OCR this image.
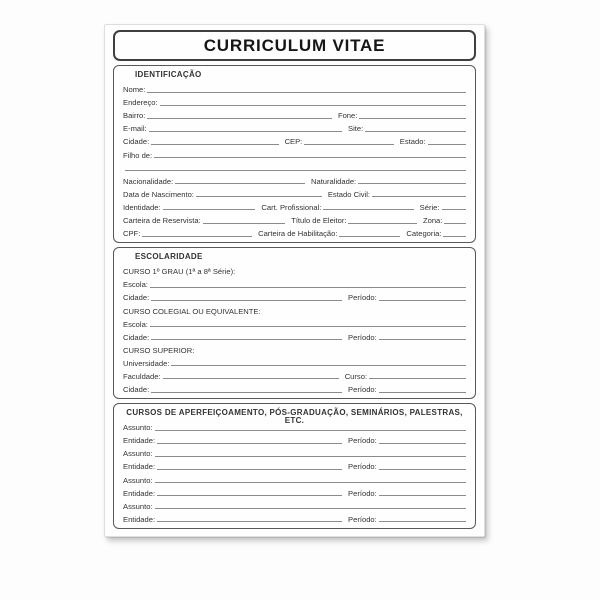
CURRICULUM VITAE
IDENTIFICAÇÃO
Nome:
Endereço:
Bairro:	Fone:
E-mail:	Site:
Cidade:	CEP:	Estado:
Filho de:
Nacionalidade:	Naturalidade:
Data de Nascimento:	Estado Civil:
Identidade:	Cart. Profissional:	Série:
Carteira de Reservista:	Título de Eleitor:	Zona:
CPF:	Carteira de Habilitação:	Categoria:
ESCOLARIDADE
CURSO 1º GRAU (1ª a 8ª Série):
Escola:
Cidade:	Período:
CURSO COLEGIAL OU EQUIVALENTE:
Escola:
Cidade:	Período:
CURSO SUPERIOR:
Universidade:
Faculdade:	Curso:
Cidade:	Período:
CURSOS DE APERFEIÇOAMENTO, PÓS-GRADUAÇÃO, SEMINÁRIOS, PALESTRAS, ETC.
Assunto:
Entidade:	Período:
Assunto:
Entidade:	Período:
Assunto:
Entidade:	Período:
Assunto:
Entidade:	Período:
